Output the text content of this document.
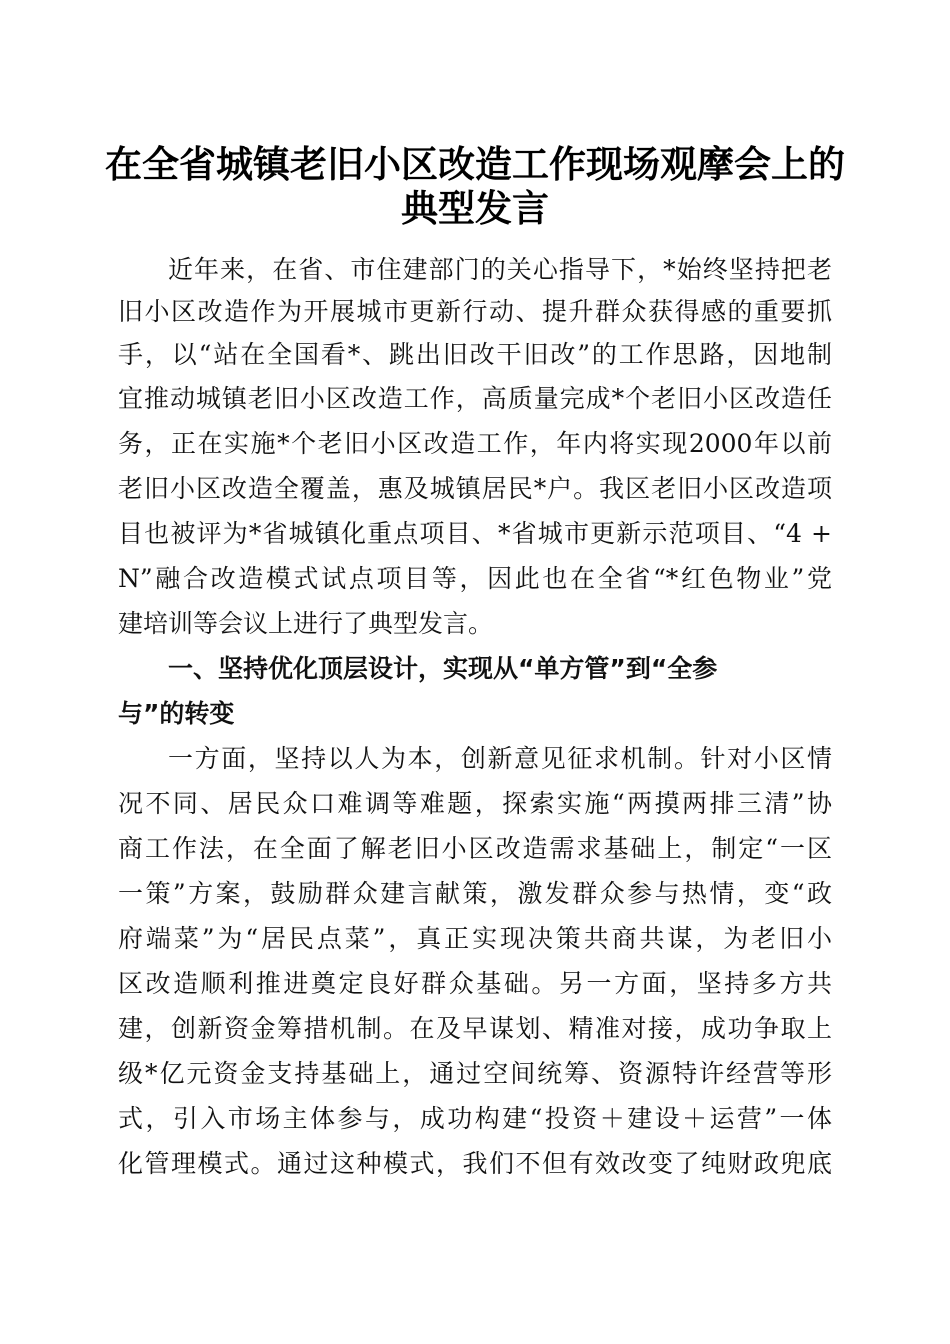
在全省城镇老旧小区改造工作现场观摩会上的
典型发言
近年来，在省、市住建部门的关心指导下，*始终坚持把老
旧小区改造作为开展城市更新行动、提升群众获得感的重要抓
手，以“站在全国看*、跳出旧改干旧改”的工作思路，因地制
宜推动城镇老旧小区改造工作，高质量完成*个老旧小区改造任
务，正在实施*个老旧小区改造工作，年内将实现2000年以前
老旧小区改造全覆盖，惠及城镇居民*户。我区老旧小区改造项
目也被评为*省城镇化重点项目、*省城市更新示范项目、“4 +
N”融合改造模式试点项目等，因此也在全省“*红色物业”党
建培训等会议上进行了典型发言。
一、坚持优化顶层设计，实现从“单方管”到“全参
与”的转变
一方面，坚持以人为本，创新意见征求机制。针对小区情
况不同、居民众口难调等难题，探索实施“两摸两排三清”协
商工作法，在全面了解老旧小区改造需求基础上，制定“一区
一策”方案，鼓励群众建言献策，激发群众参与热情，变“政
府端菜”为“居民点菜”，真正实现决策共商共谋，为老旧小
区改造顺利推进奠定良好群众基础。另一方面，坚持多方共
建，创新资金筹措机制。在及早谋划、精准对接，成功争取上
级*亿元资金支持基础上，通过空间统筹、资源特许经营等形
式，引入市场主体参与，成功构建“投资＋建设＋运营”一体
化管理模式。通过这种模式，我们不但有效改变了纯财政兜底
